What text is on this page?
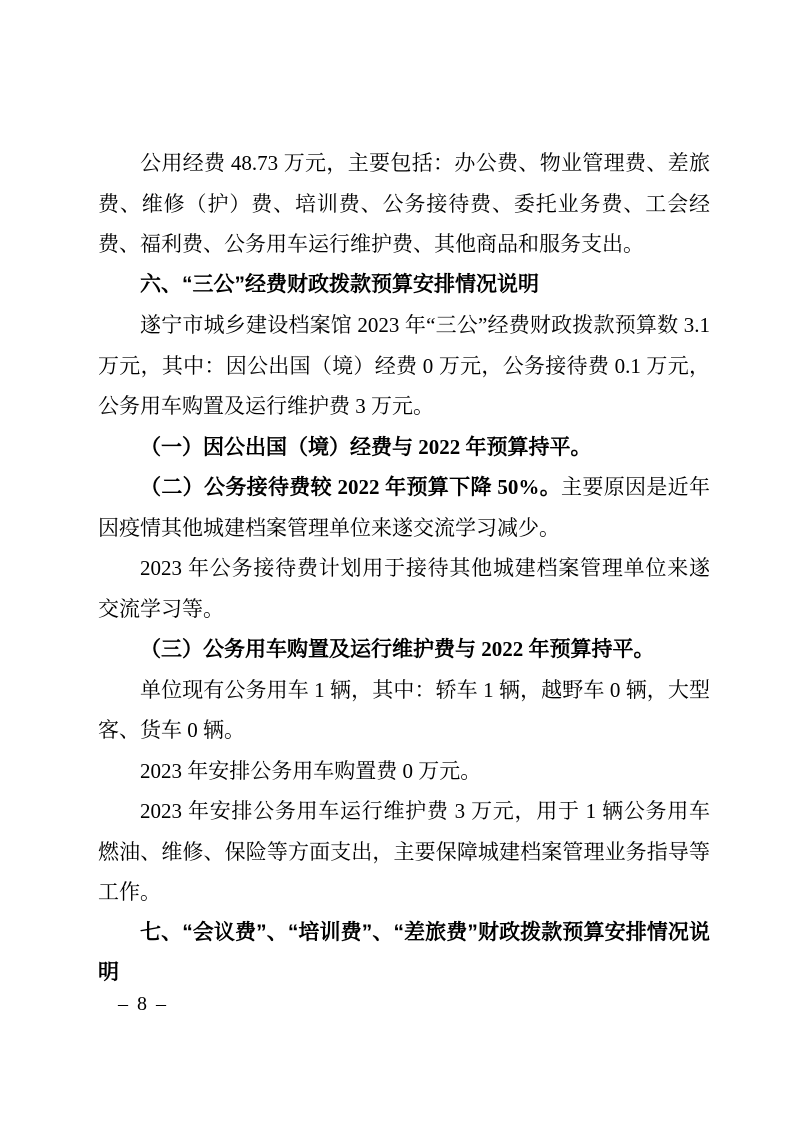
公用经费 48.73 万元，主要包括：办公费、物业管理费、差旅费、维修（护）费、培训费、公务接待费、委托业务费、工会经费、福利费、公务用车运行维护费、其他商品和服务支出。

六、“三公”经费财政拨款预算安排情况说明

遂宁市城乡建设档案馆 2023 年“三公”经费财政拨款预算数 3.1 万元，其中：因公出国（境）经费 0 万元，公务接待费 0.1 万元，公务用车购置及运行维护费 3 万元。

（一）因公出国（境）经费与 2022 年预算持平。

（二）公务接待费较 2022 年预算下降 50%。主要原因是近年因疫情其他城建档案管理单位来遂交流学习减少。

2023 年公务接待费计划用于接待其他城建档案管理单位来遂交流学习等。

（三）公务用车购置及运行维护费与 2022 年预算持平。

单位现有公务用车 1 辆，其中：轿车 1 辆，越野车 0 辆，大型客、货车 0 辆。

2023 年安排公务用车购置费 0 万元。

2023 年安排公务用车运行维护费 3 万元，用于 1 辆公务用车燃油、维修、保险等方面支出，主要保障城建档案管理业务指导等工作。

七、“会议费”、“培训费”、“差旅费”财政拨款预算安排情况说明

– 8 –
